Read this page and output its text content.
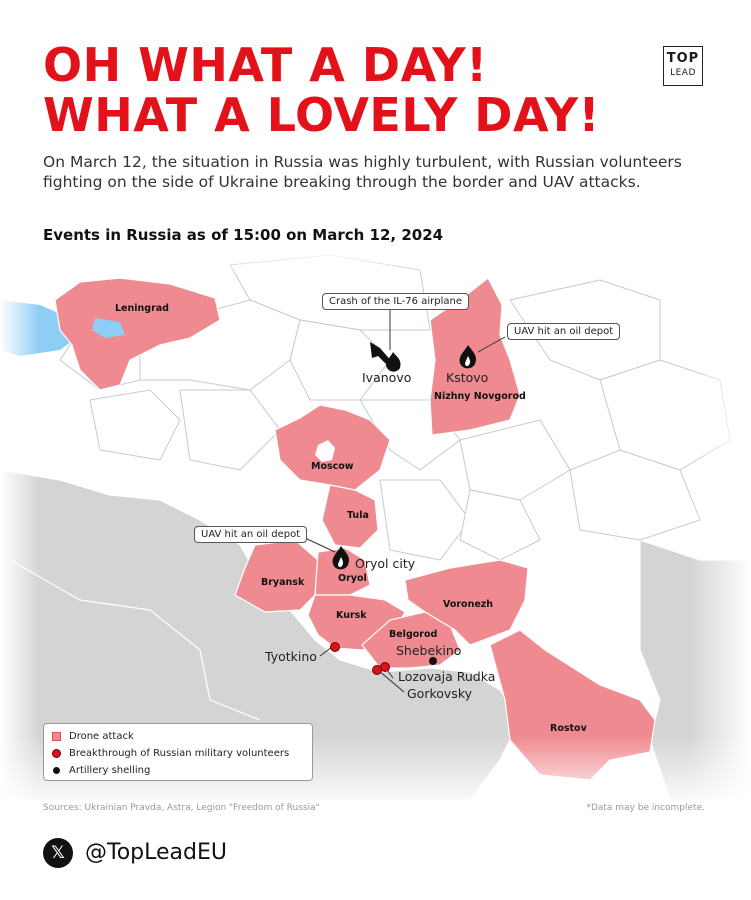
OH WHAT A DAY!
WHAT A LOVELY DAY!
TOP
LEAD

On March 12, the situation in Russia was highly turbulent, with Russian volunteers fighting on the side of Ukraine breaking through the border and UAV attacks.

Events in Russia as of 15:00 on March 12, 2024
Crash of the IL-76 airplane
UAV hit an oil depot
UAV hit an oil depot
Ivanovo	Kstovo
Oryol city
Tyotkino	Shebekino
Lozovaja Rudka
Gorkovsky
Leningrad
Nizhny Novgorod
Moscow
Tula
Bryansk	Oryol
Kursk
Voronezh
Belgorod
Rostov
Drone attack
Breakthrough of Russian military volunteers
Artillery shelling
Sources: Ukrainian Pravda, Astra, Legion "Freedom of Russia"	*Data may be incomplete.
𝕏 @TopLeadEU
